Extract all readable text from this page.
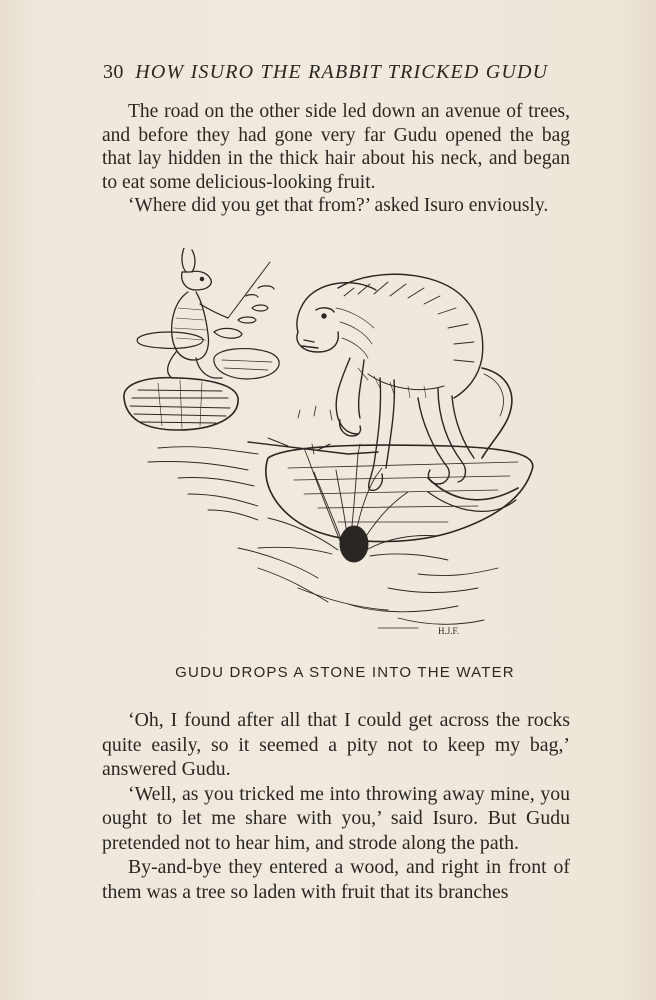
30 HOW ISURO THE RABBIT TRICKED GUDU

The road on the other side led down an avenue of trees, and before they had gone very far Gudu opened the bag that lay hidden in the thick hair about his neck, and began to eat some delicious-looking fruit.

‘Where did you get that from?’ asked Isuro enviously.

H.J.F.
GUDU DROPS A STONE INTO THE WATER

‘Oh, I found after all that I could get across the rocks quite easily, so it seemed a pity not to keep my bag,’ answered Gudu.

‘Well, as you tricked me into throwing away mine, you ought to let me share with you,’ said Isuro. But Gudu pretended not to hear him, and strode along the path.

By-and-bye they entered a wood, and right in front of them was a tree so laden with fruit that its branches
